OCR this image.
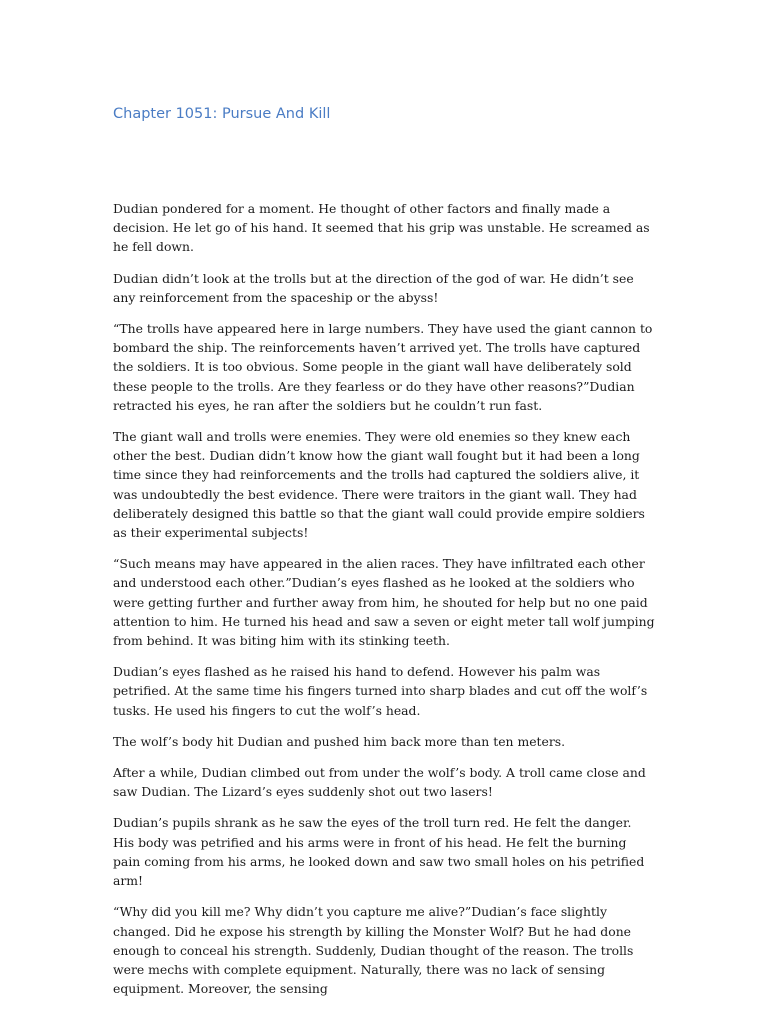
Chapter 1051: Pursue And Kill

Dudian pondered for a moment. He thought of other factors and finally made a decision. He let go of his hand. It seemed that his grip was unstable. He screamed as he fell down.

Dudian didn’t look at the trolls but at the direction of the god of war. He didn’t see any reinforcement from the spaceship or the abyss!

“The trolls have appeared here in large numbers. They have used the giant cannon to bombard the ship. The reinforcements haven’t arrived yet. The trolls have captured the soldiers. It is too obvious. Some people in the giant wall have deliberately sold these people to the trolls. Are they fearless or do they have other reasons?”Dudian retracted his eyes, he ran after the soldiers but he couldn’t run fast.

The giant wall and trolls were enemies. They were old enemies so they knew each other the best. Dudian didn’t know how the giant wall fought but it had been a long time since they had reinforcements and the trolls had captured the soldiers alive, it was undoubtedly the best evidence. There were traitors in the giant wall. They had deliberately designed this battle so that the giant wall could provide empire soldiers as their experimental subjects!

“Such means may have appeared in the alien races. They have infiltrated each other and understood each other.”Dudian’s eyes flashed as he looked at the soldiers who were getting further and further away from him, he shouted for help but no one paid attention to him. He turned his head and saw a seven or eight meter tall wolf jumping from behind. It was biting him with its stinking teeth.

Dudian’s eyes flashed as he raised his hand to defend. However his palm was petrified. At the same time his fingers turned into sharp blades and cut off the wolf’s tusks. He used his fingers to cut the wolf’s head.

The wolf’s body hit Dudian and pushed him back more than ten meters.

After a while, Dudian climbed out from under the wolf’s body. A troll came close and saw Dudian. The Lizard’s eyes suddenly shot out two lasers!

Dudian’s pupils shrank as he saw the eyes of the troll turn red. He felt the danger. His body was petrified and his arms were in front of his head. He felt the burning pain coming from his arms, he looked down and saw two small holes on his petrified arm!

“Why did you kill me? Why didn’t you capture me alive?”Dudian’s face slightly changed. Did he expose his strength by killing the Monster Wolf? But he had done enough to conceal his strength. Suddenly, Dudian thought of the reason. The trolls were mechs with complete equipment. Naturally, there was no lack of sensing equipment. Moreover, the sensing
